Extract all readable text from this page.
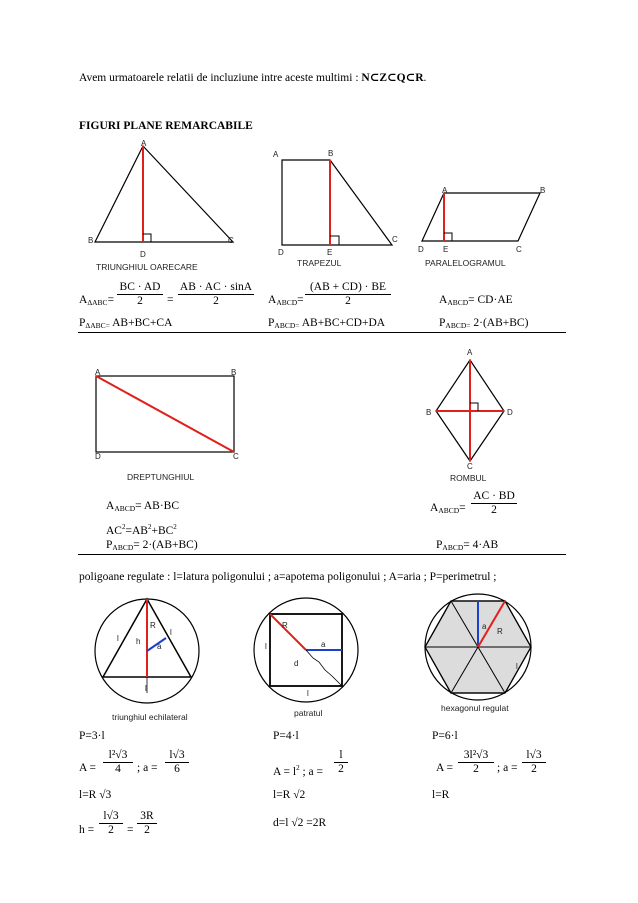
Avem urmatoarele relatii de incluziune intre aceste multimi : N⊂Z⊂Q⊂R.
FIGURI PLANE REMARCABILE
A
B	C
D
TRIUNGHIUL OARECARE
A	B
C
D	E
TRAPEZUL
A	B
C
D E
PARALELOGRAMUL
$A_{\Delta ABC}=$
BC · AD
2	=
AB · AC · sinA
2	$A_{ABCD}=$
(AB + CD) · BE
2	$A_{ABCD}= CD\cdot AE$
$P_{\Delta ABC=}$ AB+BC+CA	$P_{ABCD=}$ AB+BC+CD+DA	$P_{ABCD=}$ 2·(AB+BC)
A	B
C
D
DREPTUNGHIUL
A
B
C
D
ROMBUL
$A_{ABCD}= AB\cdot BC$
$AC^2=AB^2+BC^2$
$P_{ABCD}= 2\cdot(AB+BC)$
$A_{ABCD}=$
AC · BD
2
$P_{ABCD}= 4\cdot AB$
poligoane regulate : l=latura poligonului ; a=apotema poligonului ; A=aria ; P=perimetrul ;
l
l
l
R
h
a
triunghiul echilateral
R
a
l
l
d
patratul
a
R
l
hexagonul regulat
P=3·l
A =
l²√3
4	; a =
l√3
6
l=R √3
h =
l√3
2	=
3R
2
P=4·l
$A = l^2$ ; a =
l
2
l=R √2
d=l √2 =2R
P=6·l
A =
3l²√3
2	; a =
l√3
2
l=R
